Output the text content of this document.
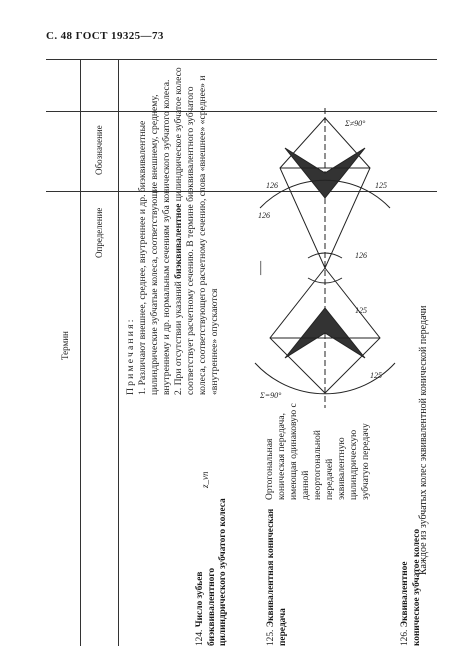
С. 48 ГОСТ 19325—73
Термин
Обозначение
Определение
Примечания: 1. Различают внешнее, среднее, внутреннее и др. биэквивалентные цилиндрические зубчатые колеса, соответствующие внешнему, среднему, внутреннему и др. нормальным сечениям зуба конического зубчатого колеса. 2. При отсутствии указаний биэквивалентное цилиндрическое зубчатое колесо соответствует расчетному сечению. В термине биэквивалентного зубчатого колеса, соответствующего расчетному сечению, слова «внешнее» «среднее» и «внутреннее» опускаются
124. Число зубьев биэквивалентного цилиндрического зубчатого колеса
z_vn
—
125. Эквивалентная коническая передача
Ортогональная коническая передача, имеющая одинаковую с данной неортогональной передачей эквивалентную цилиндрическую зубчатую передачу
126. Эквивалентное коническое зубчатое колесо
Каждое из зубчатых колес эквивалентной конической передачи
126
126	125
126
125
125
Σ=90°
Σ≠90°
